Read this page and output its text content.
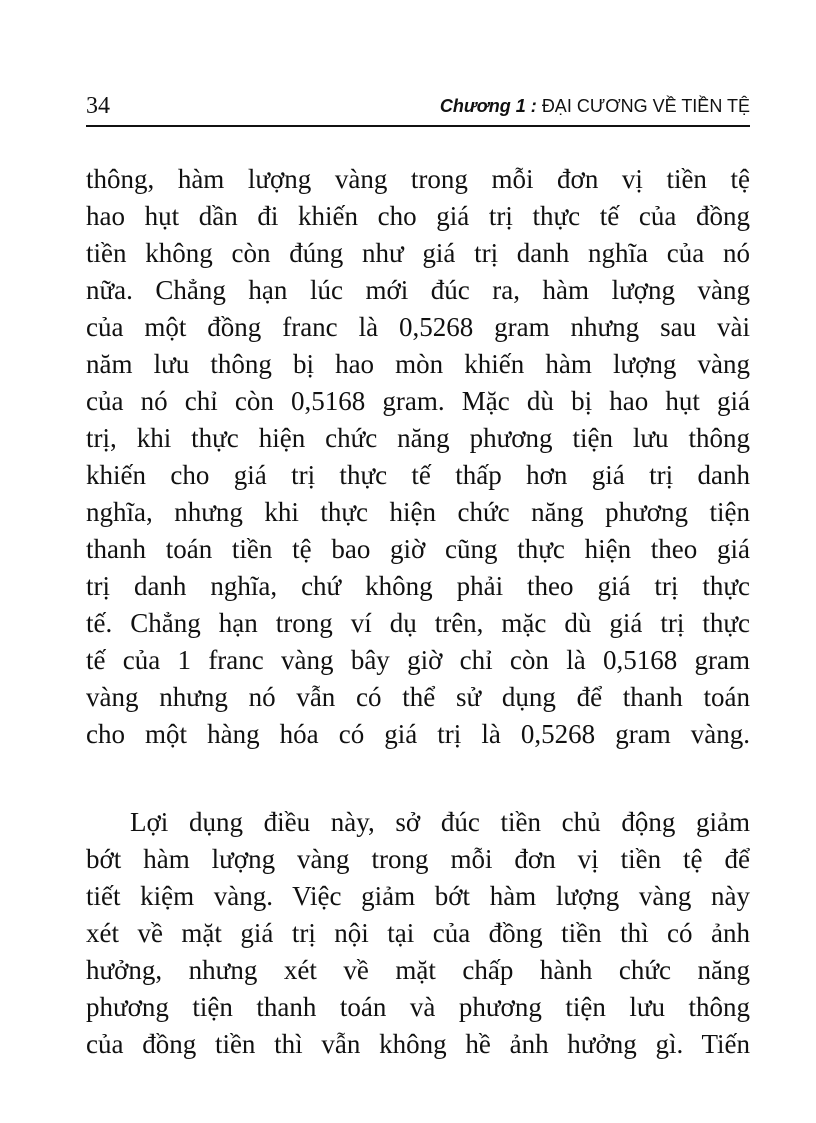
34	Chương 1 : ĐẠI CƯƠNG VỀ TIỀN TỆ
thông, hàm lượng vàng trong mỗi đơn vị tiền tệ
hao hụt dần đi khiến cho giá trị thực tế của đồng
tiền không còn đúng như giá trị danh nghĩa của nó
nữa. Chẳng hạn lúc mới đúc ra, hàm lượng vàng
của một đồng franc là 0,5268 gram nhưng sau vài
năm lưu thông bị hao mòn khiến hàm lượng vàng
của nó chỉ còn 0,5168 gram. Mặc dù bị hao hụt giá
trị, khi thực hiện chức năng phương tiện lưu thông
khiến cho giá trị thực tế thấp hơn giá trị danh
nghĩa, nhưng khi thực hiện chức năng phương tiện
thanh toán tiền tệ bao giờ cũng thực hiện theo giá
trị danh nghĩa, chứ không phải theo giá trị thực
tế. Chẳng hạn trong ví dụ trên, mặc dù giá trị thực
tế của 1 franc vàng bây giờ chỉ còn là 0,5168 gram
vàng nhưng nó vẫn có thể sử dụng để thanh toán
cho một hàng hóa có giá trị là 0,5268 gram vàng.
Lợi dụng điều này, sở đúc tiền chủ động giảm
bớt hàm lượng vàng trong mỗi đơn vị tiền tệ để
tiết kiệm vàng. Việc giảm bớt hàm lượng vàng này
xét về mặt giá trị nội tại của đồng tiền thì có ảnh
hưởng, nhưng xét về mặt chấp hành chức năng
phương tiện thanh toán và phương tiện lưu thông
của đồng tiền thì vẫn không hề ảnh hưởng gì. Tiến
